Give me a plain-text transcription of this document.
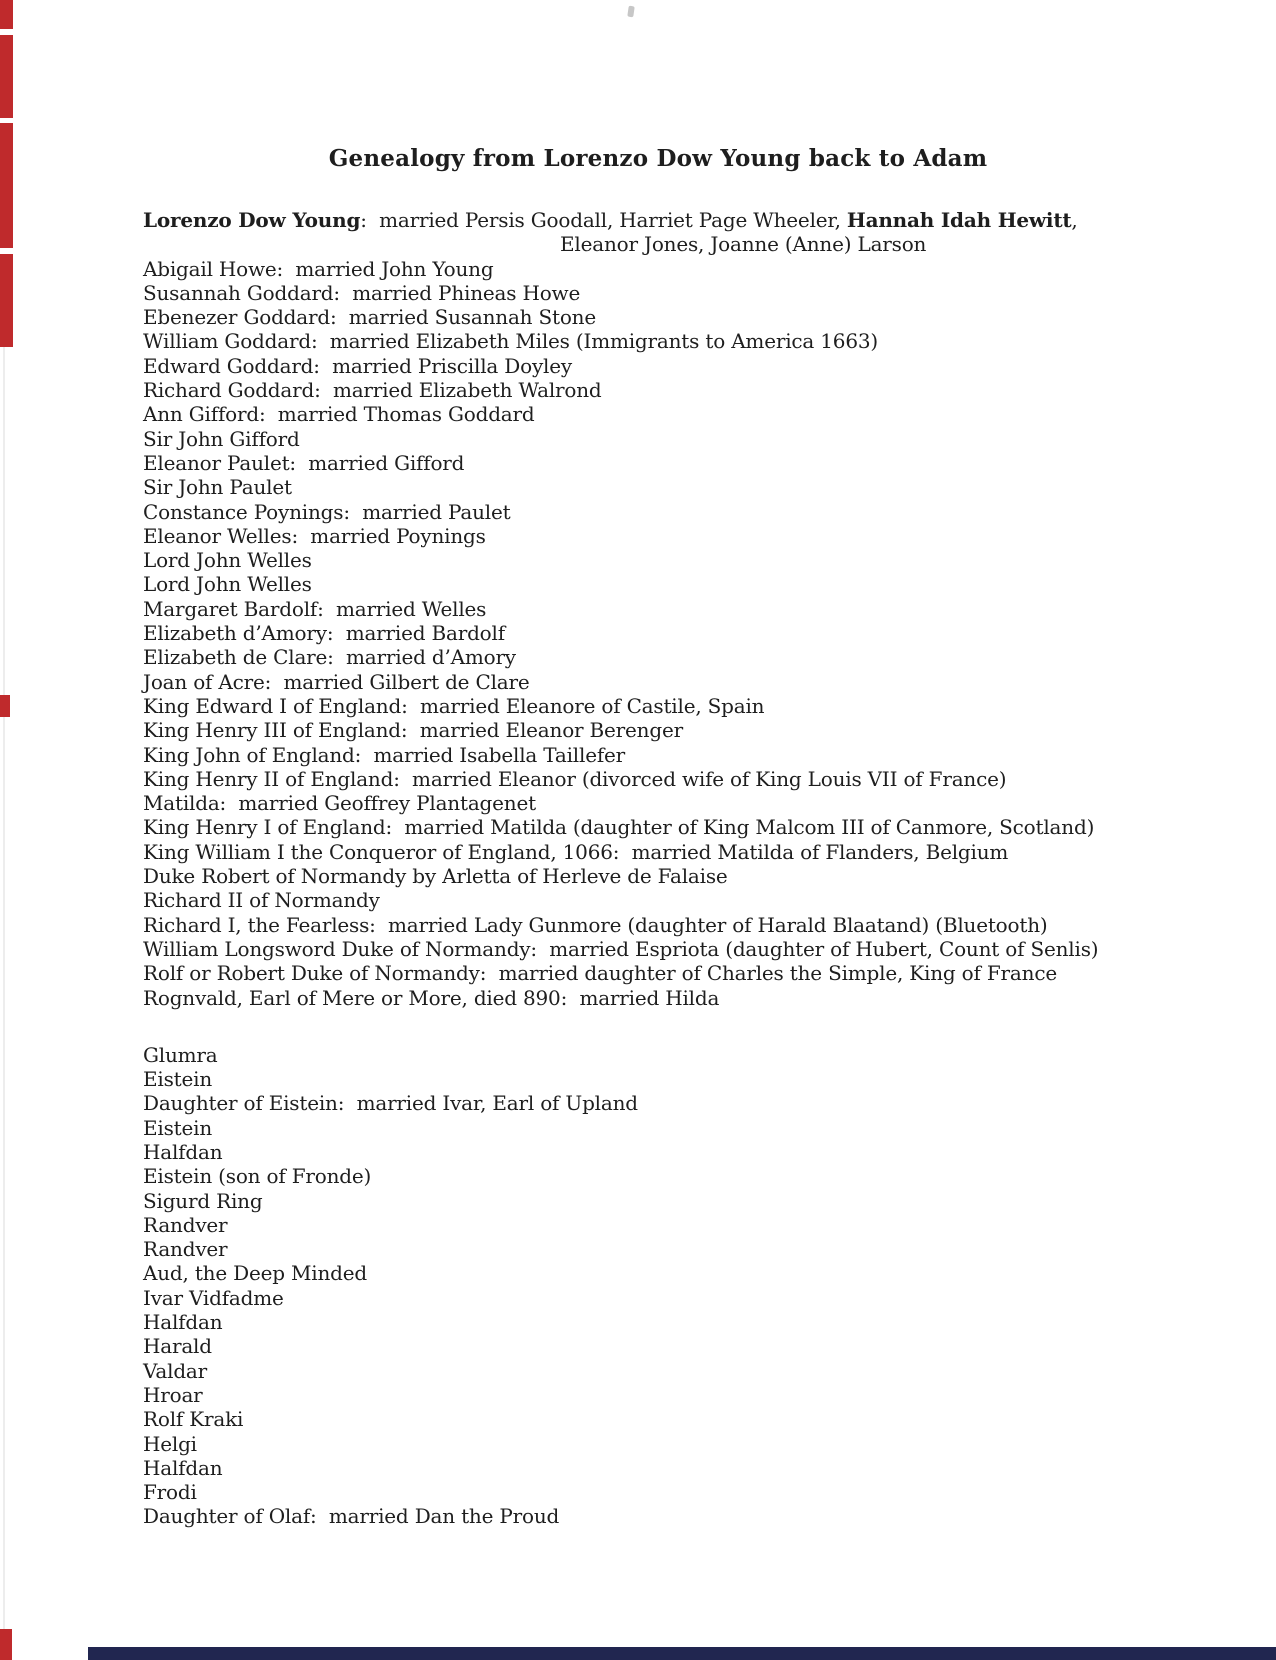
Genealogy from Lorenzo Dow Young back to Adam
Lorenzo Dow Young:  married Persis Goodall, Harriet Page Wheeler, Hannah Idah Hewitt,
Eleanor Jones, Joanne (Anne) Larson
Abigail Howe:  married John Young
Susannah Goddard:  married Phineas Howe
Ebenezer Goddard:  married Susannah Stone
William Goddard:  married Elizabeth Miles (Immigrants to America 1663)
Edward Goddard:  married Priscilla Doyley
Richard Goddard:  married Elizabeth Walrond
Ann Gifford:  married Thomas Goddard
Sir John Gifford
Eleanor Paulet:  married Gifford
Sir John Paulet
Constance Poynings:  married Paulet
Eleanor Welles:  married Poynings
Lord John Welles
Lord John Welles
Margaret Bardolf:  married Welles
Elizabeth d’Amory:  married Bardolf
Elizabeth de Clare:  married d’Amory
Joan of Acre:  married Gilbert de Clare
King Edward I of England:  married Eleanore of Castile, Spain
King Henry III of England:  married Eleanor Berenger
King John of England:  married Isabella Taillefer
King Henry II of England:  married Eleanor (divorced wife of King Louis VII of France)
Matilda:  married Geoffrey Plantagenet
King Henry I of England:  married Matilda (daughter of King Malcom III of Canmore, Scotland)
King William I the Conqueror of England, 1066:  married Matilda of Flanders, Belgium
Duke Robert of Normandy by Arletta of Herleve de Falaise
Richard II of Normandy
Richard I, the Fearless:  married Lady Gunmore (daughter of Harald Blaatand) (Bluetooth)
William Longsword Duke of Normandy:  married Espriota (daughter of Hubert, Count of Senlis)
Rolf or Robert Duke of Normandy:  married daughter of Charles the Simple, King of France
Rognvald, Earl of Mere or More, died 890:  married Hilda
Glumra
Eistein
Daughter of Eistein:  married Ivar, Earl of Upland
Eistein
Halfdan
Eistein (son of Fronde)
Sigurd Ring
Randver
Randver
Aud, the Deep Minded
Ivar Vidfadme
Halfdan
Harald
Valdar
Hroar
Rolf Kraki
Helgi
Halfdan
Frodi
Daughter of Olaf:  married Dan the Proud
